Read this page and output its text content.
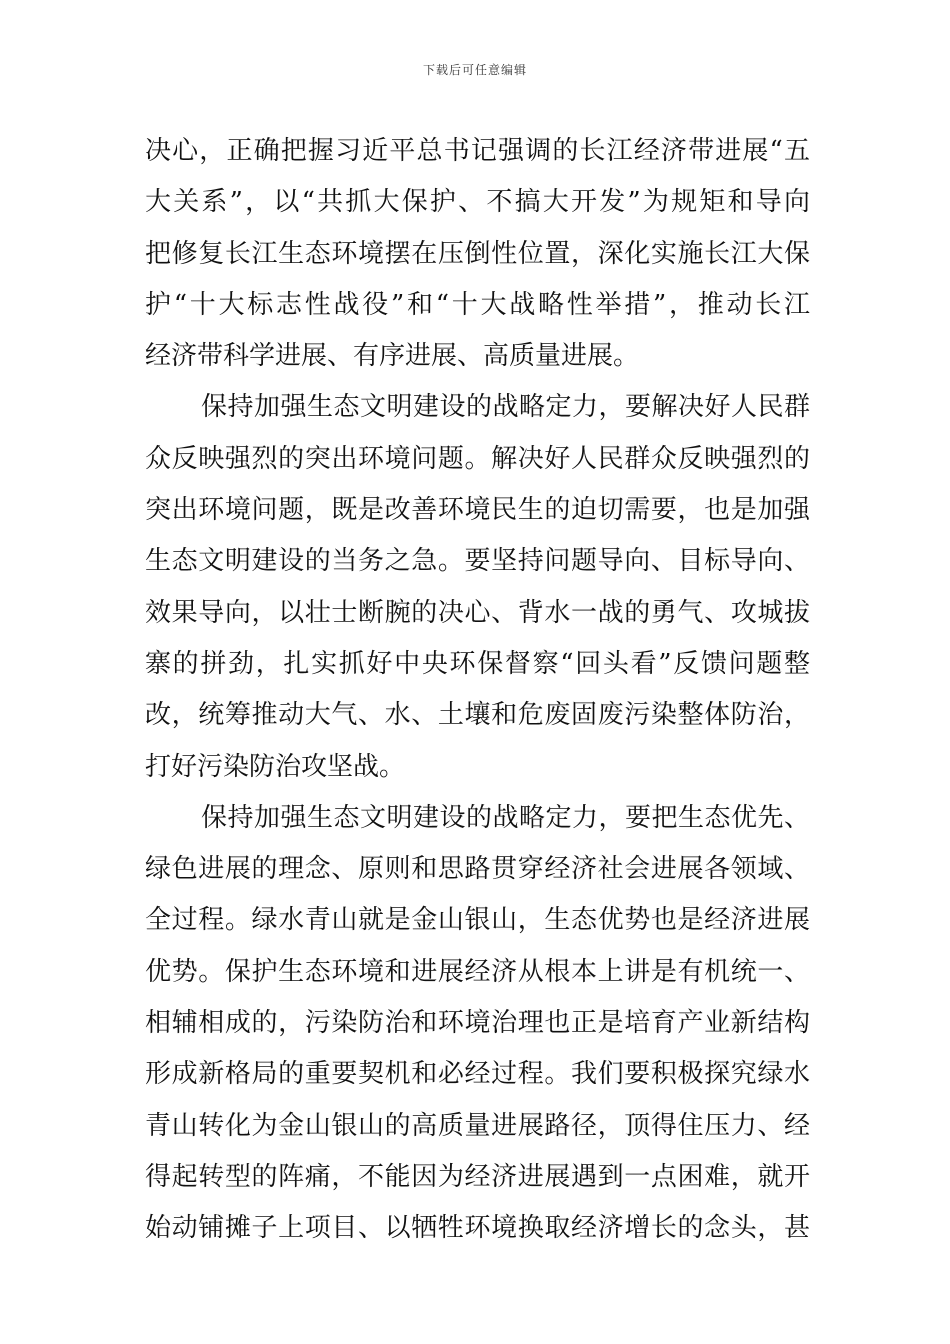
下载后可任意编辑
决心，正确把握习近平总书记强调的长江经济带进展“五
大关系”，以“共抓大保护、不搞大开发”为规矩和导向
把修复长江生态环境摆在压倒性位置，深化实施长江大保
护“十大标志性战役”和“十大战略性举措”，推动长江
经济带科学进展、有序进展、高质量进展。
保持加强生态文明建设的战略定力，要解决好人民群
众反映强烈的突出环境问题。解决好人民群众反映强烈的
突出环境问题，既是改善环境民生的迫切需要，也是加强
生态文明建设的当务之急。要坚持问题导向、目标导向、
效果导向，以壮士断腕的决心、背水一战的勇气、攻城拔
寨的拼劲，扎实抓好中央环保督察“回头看”反馈问题整
改，统筹推动大气、水、土壤和危废固废污染整体防治，
打好污染防治攻坚战。
保持加强生态文明建设的战略定力，要把生态优先、
绿色进展的理念、原则和思路贯穿经济社会进展各领域、
全过程。绿水青山就是金山银山，生态优势也是经济进展
优势。保护生态环境和进展经济从根本上讲是有机统一、
相辅相成的，污染防治和环境治理也正是培育产业新结构
形成新格局的重要契机和必经过程。我们要积极探究绿水
青山转化为金山银山的高质量进展路径，顶得住压力、经
得起转型的阵痛，不能因为经济进展遇到一点困难，就开
始动铺摊子上项目、以牺牲环境换取经济增长的念头，甚
